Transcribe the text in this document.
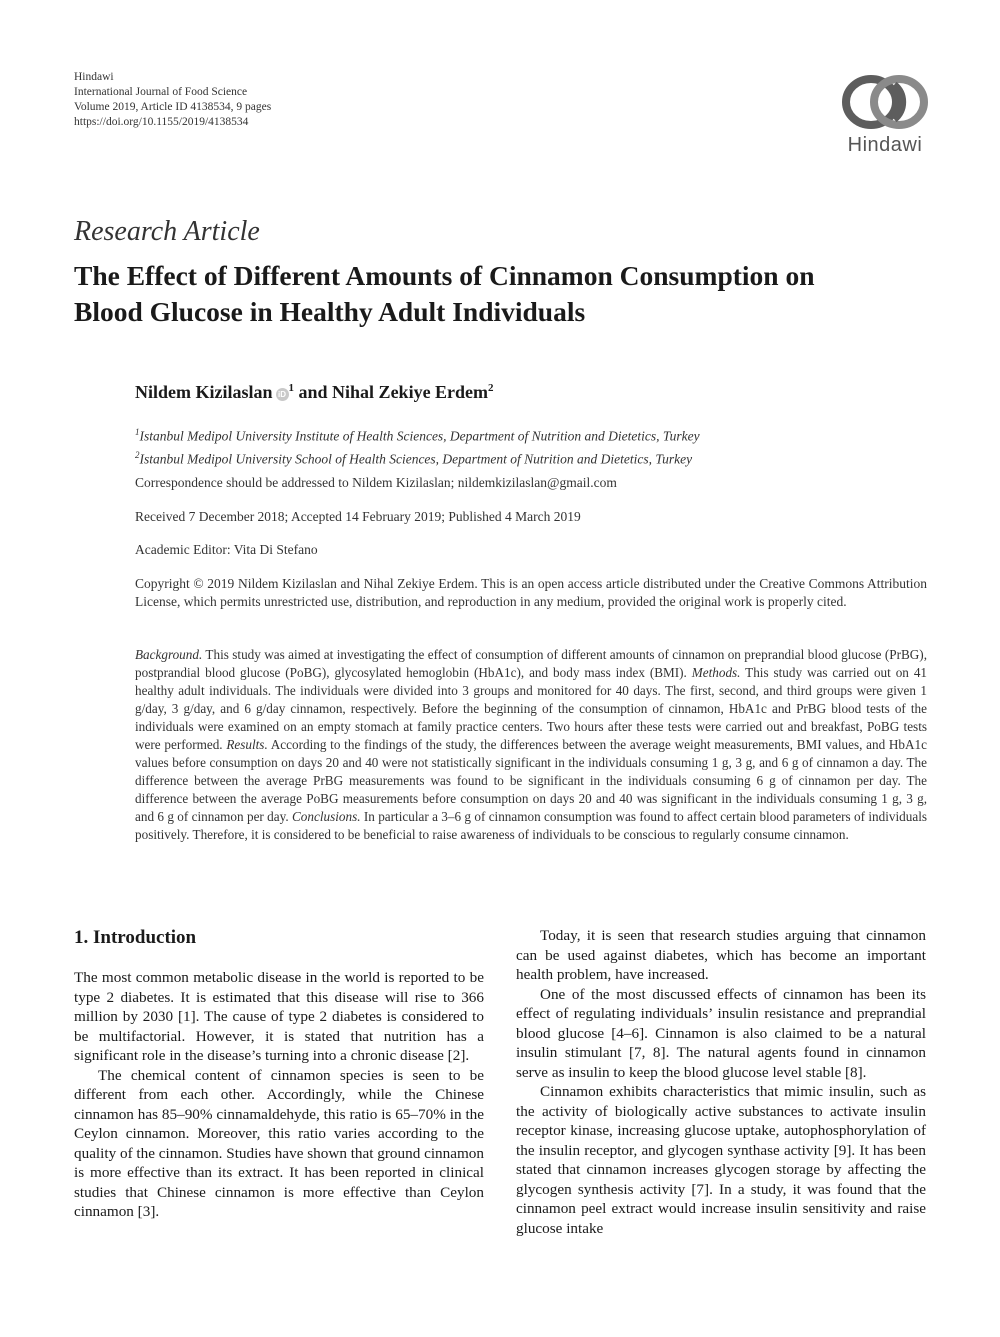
Hindawi
International Journal of Food Science
Volume 2019, Article ID 4138534, 9 pages
https://doi.org/10.1155/2019/4138534
Hindawi
Research Article
The Effect of Different Amounts of Cinnamon Consumption on
Blood Glucose in Healthy Adult Individuals
Nildem Kizilaslan $iD^1$ and Nihal Zekiye Erdem$^2$
$^1$Istanbul Medipol University Institute of Health Sciences, Department of Nutrition and Dietetics, Turkey
$^2$Istanbul Medipol University School of Health Sciences, Department of Nutrition and Dietetics, Turkey
Correspondence should be addressed to Nildem Kizilaslan; nildemkizilaslan@gmail.com
Received 7 December 2018; Accepted 14 February 2019; Published 4 March 2019
Academic Editor: Vita Di Stefano
Copyright © 2019 Nildem Kizilaslan and Nihal Zekiye Erdem. This is an open access article distributed under the Creative Commons Attribution License, which permits unrestricted use, distribution, and reproduction in any medium, provided the original work is properly cited.
Background. This study was aimed at investigating the effect of consumption of different amounts of cinnamon on preprandial blood glucose (PrBG), postprandial blood glucose (PoBG), glycosylated hemoglobin (HbA1c), and body mass index (BMI). Methods. This study was carried out on 41 healthy adult individuals. The individuals were divided into 3 groups and monitored for 40 days. The first, second, and third groups were given 1 g/day, 3 g/day, and 6 g/day cinnamon, respectively. Before the beginning of the consumption of cinnamon, HbA1c and PrBG blood tests of the individuals were examined on an empty stomach at family practice centers. Two hours after these tests were carried out and breakfast, PoBG tests were performed. Results. According to the findings of the study, the differences between the average weight measurements, BMI values, and HbA1c values before consumption on days 20 and 40 were not statistically significant in the individuals consuming 1 g, 3 g, and 6 g of cinnamon a day. The difference between the average PrBG measurements was found to be significant in the individuals consuming 6 g of cinnamon per day. The difference between the average PoBG measurements before consumption on days 20 and 40 was significant in the individuals consuming 1 g, 3 g, and 6 g of cinnamon per day. Conclusions. In particular a 3–6 g of cinnamon consumption was found to affect certain blood parameters of individuals positively. Therefore, it is considered to be beneficial to raise awareness of individuals to be conscious to regularly consume cinnamon.
1. Introduction

The most common metabolic disease in the world is reported to be type 2 diabetes. It is estimated that this disease will rise to 366 million by 2030 [1]. The cause of type 2 diabetes is considered to be multifactorial. However, it is stated that nutrition has a significant role in the disease’s turning into a chronic disease [2].

The chemical content of cinnamon species is seen to be different from each other. Accordingly, while the Chinese cinnamon has 85–90% cinnamaldehyde, this ratio is 65–70% in the Ceylon cinnamon. Moreover, this ratio varies according to the quality of the cinnamon. Studies have shown that ground cinnamon is more effective than its extract. It has been reported in clinical studies that Chinese cinnamon is more effective than Ceylon cinnamon [3].

Today, it is seen that research studies arguing that cinnamon can be used against diabetes, which has become an important health problem, have increased.

One of the most discussed effects of cinnamon has been its effect of regulating individuals’ insulin resistance and preprandial blood glucose [4–6]. Cinnamon is also claimed to be a natural insulin stimulant [7, 8]. The natural agents found in cinnamon serve as insulin to keep the blood glucose level stable [8].

Cinnamon exhibits characteristics that mimic insulin, such as the activity of biologically active substances to activate insulin receptor kinase, increasing glucose uptake, autophosphorylation of the insulin receptor, and glycogen synthase activity [9]. It has been stated that cinnamon increases glycogen storage by affecting the glycogen synthesis activity [7]. In a study, it was found that the cinnamon peel extract would increase insulin sensitivity and raise glucose intake
